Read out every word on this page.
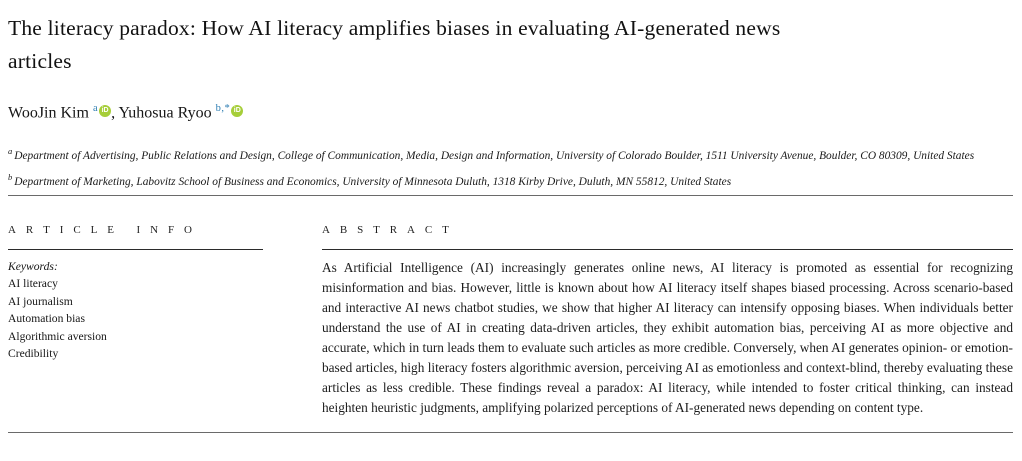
The literacy paradox: How AI literacy amplifies biases in evaluating AI-generated news articles
WooJin Kim $^a$ iD , Yuhosua Ryoo $^{b,*}$ iD
$^a$ Department of Advertising, Public Relations and Design, College of Communication, Media, Design and Information, University of Colorado Boulder, 1511 University Avenue, Boulder, CO 80309, United States
$^b$ Department of Marketing, Labovitz School of Business and Economics, University of Minnesota Duluth, 1318 Kirby Drive, Duluth, MN 55812, United States
A R T I C L E   I N F O
Keywords:
AI literacy
AI journalism
Automation bias
Algorithmic aversion
Credibility
A B S T R A C T
As Artificial Intelligence (AI) increasingly generates online news, AI literacy is promoted as essential for recognizing misinformation and bias. However, little is known about how AI literacy itself shapes biased processing. Across scenario-based and interactive AI news chatbot studies, we show that higher AI literacy can intensify opposing biases. When individuals better understand the use of AI in creating data-driven articles, they exhibit automation bias, perceiving AI as more objective and accurate, which in turn leads them to evaluate such articles as more credible. Conversely, when AI generates opinion- or emotion-based articles, high literacy fosters algorithmic aversion, perceiving AI as emotionless and context-blind, thereby evaluating these articles as less credible. These findings reveal a paradox: AI literacy, while intended to foster critical thinking, can instead heighten heuristic judgments, amplifying polarized perceptions of AI-generated news depending on content type.
